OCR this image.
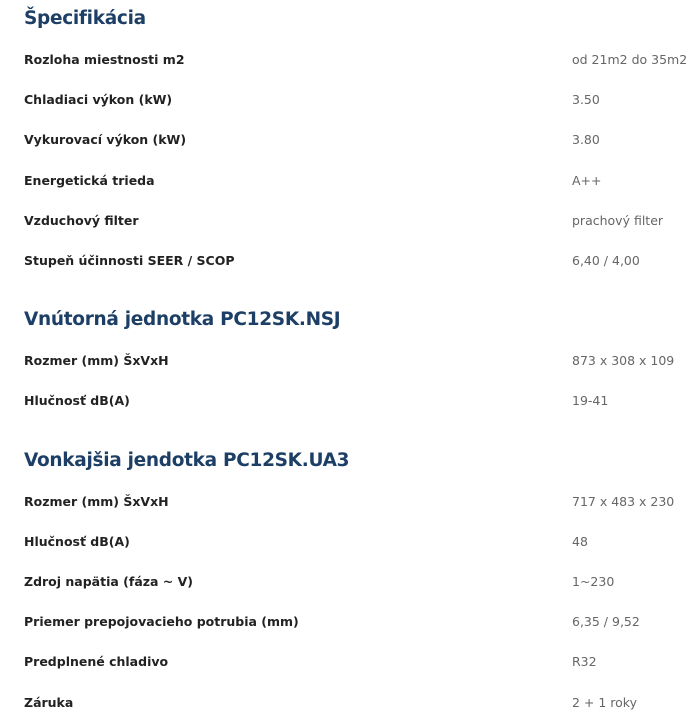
Špecifikácia
Rozloha miestnosti m2	od 21m2 do 35m2
Chladiaci výkon (kW)	3.50
Vykurovací výkon (kW)	3.80
Energetická trieda	A++
Vzduchový filter	prachový filter
Stupeň účinnosti SEER / SCOP	6,40 / 4,00
Vnútorná jednotka PC12SK.NSJ
Rozmer (mm) ŠxVxH	873 x 308 x 109
Hlučnosť dB(A)	19-41
Vonkajšia jendotka PC12SK.UA3
Rozmer (mm) ŠxVxH	717 x 483 x 230
Hlučnosť dB(A)	48
Zdroj napätia (fáza ~ V)	1~230
Priemer prepojovacieho potrubia (mm)	6,35 / 9,52
Predplnené chladivo	R32
Záruka	2 + 1 roky
